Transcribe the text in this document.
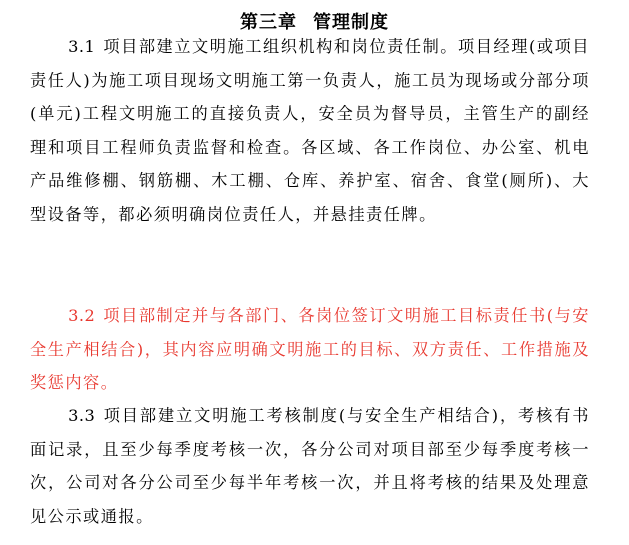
第三章 管理制度

3.1 项目部建立文明施工组织机构和岗位责任制。项目经理(或项目责任人)为施工项目现场文明施工第一负责人，施工员为现场或分部分项(单元)工程文明施工的直接负责人，安全员为督导员，主管生产的副经理和项目工程师负责监督和检查。各区域、各工作岗位、办公室、机电产品维修棚、钢筋棚、木工棚、仓库、养护室、宿舍、食堂(厕所)、大型设备等，都必须明确岗位责任人，并悬挂责任牌。

3.2 项目部制定并与各部门、各岗位签订文明施工目标责任书(与安全生产相结合)，其内容应明确文明施工的目标、双方责任、工作措施及奖惩内容。

3.3 项目部建立文明施工考核制度(与安全生产相结合)，考核有书面记录，且至少每季度考核一次，各分公司对项目部至少每季度考核一次，公司对各分公司至少每半年考核一次，并且将考核的结果及处理意见公示或通报。
